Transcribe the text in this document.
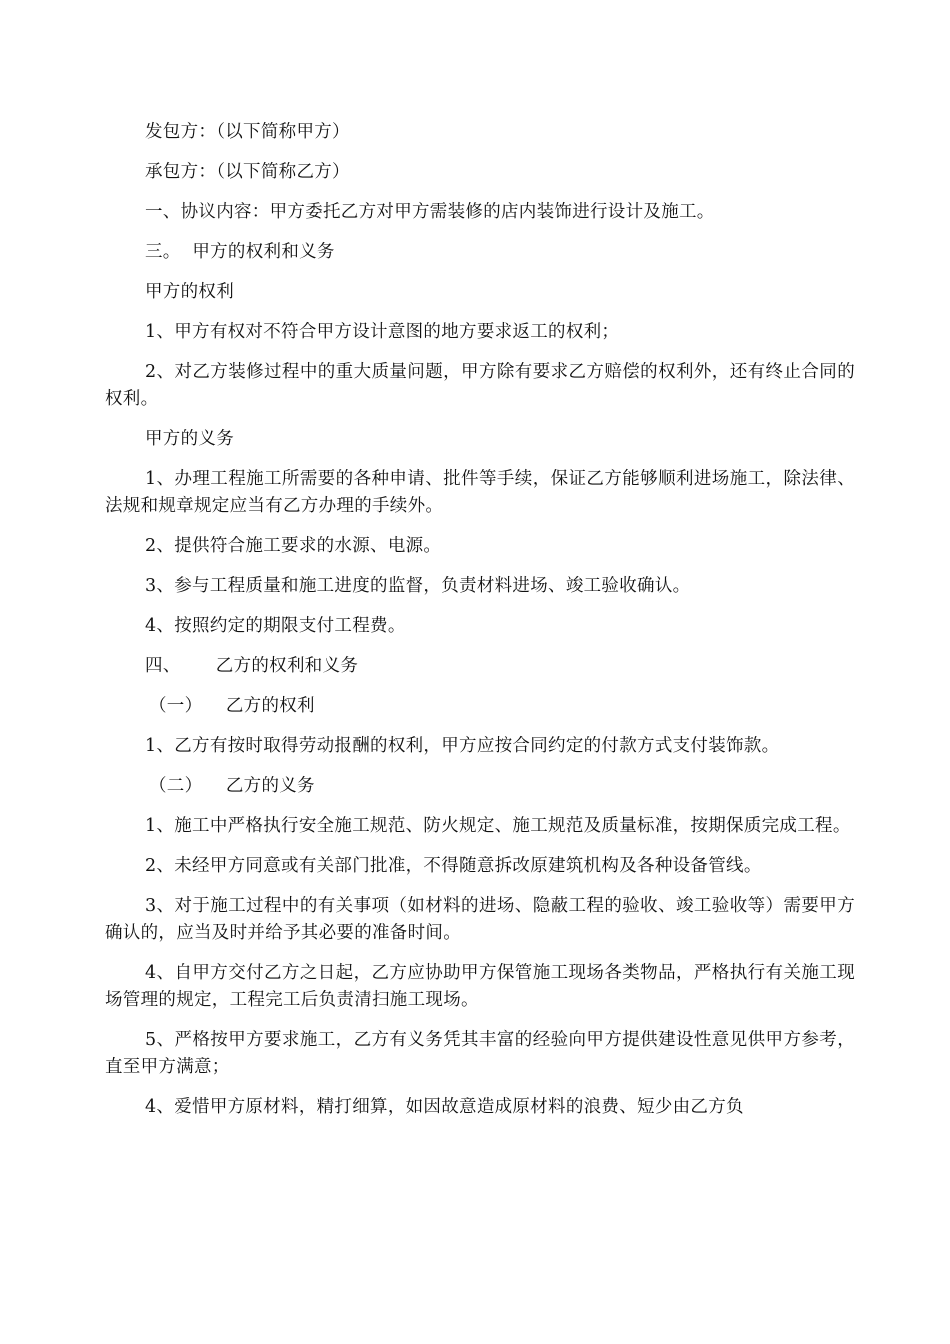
发包方：（以下简称甲方）

承包方：（以下简称乙方）

一、协议内容：甲方委托乙方对甲方需装修的店内装饰进行设计及施工。

三。  甲方的权利和义务

甲方的权利

1、甲方有权对不符合甲方设计意图的地方要求返工的权利；

2、对乙方装修过程中的重大质量问题，甲方除有要求乙方赔偿的权利外，还有终止合同的权利。

甲方的义务

1、办理工程施工所需要的各种申请、批件等手续，保证乙方能够顺利进场施工，除法律、法规和规章规定应当有乙方办理的手续外。

2、提供符合施工要求的水源、电源。

3、参与工程质量和施工进度的监督，负责材料进场、竣工验收确认。

4、按照约定的期限支付工程费。

四、      乙方的权利和义务

（一）    乙方的权利

1、乙方有按时取得劳动报酬的权利，甲方应按合同约定的付款方式支付装饰款。

（二）    乙方的义务

1、施工中严格执行安全施工规范、防火规定、施工规范及质量标准，按期保质完成工程。

2、未经甲方同意或有关部门批准，不得随意拆改原建筑机构及各种设备管线。

3、对于施工过程中的有关事项（如材料的进场、隐蔽工程的验收、竣工验收等）需要甲方确认的，应当及时并给予其必要的准备时间。

4、自甲方交付乙方之日起，乙方应协助甲方保管施工现场各类物品，严格执行有关施工现场管理的规定，工程完工后负责清扫施工现场。

5、严格按甲方要求施工，乙方有义务凭其丰富的经验向甲方提供建设性意见供甲方参考，直至甲方满意；

4、爱惜甲方原材料，精打细算，如因故意造成原材料的浪费、短少由乙方负
